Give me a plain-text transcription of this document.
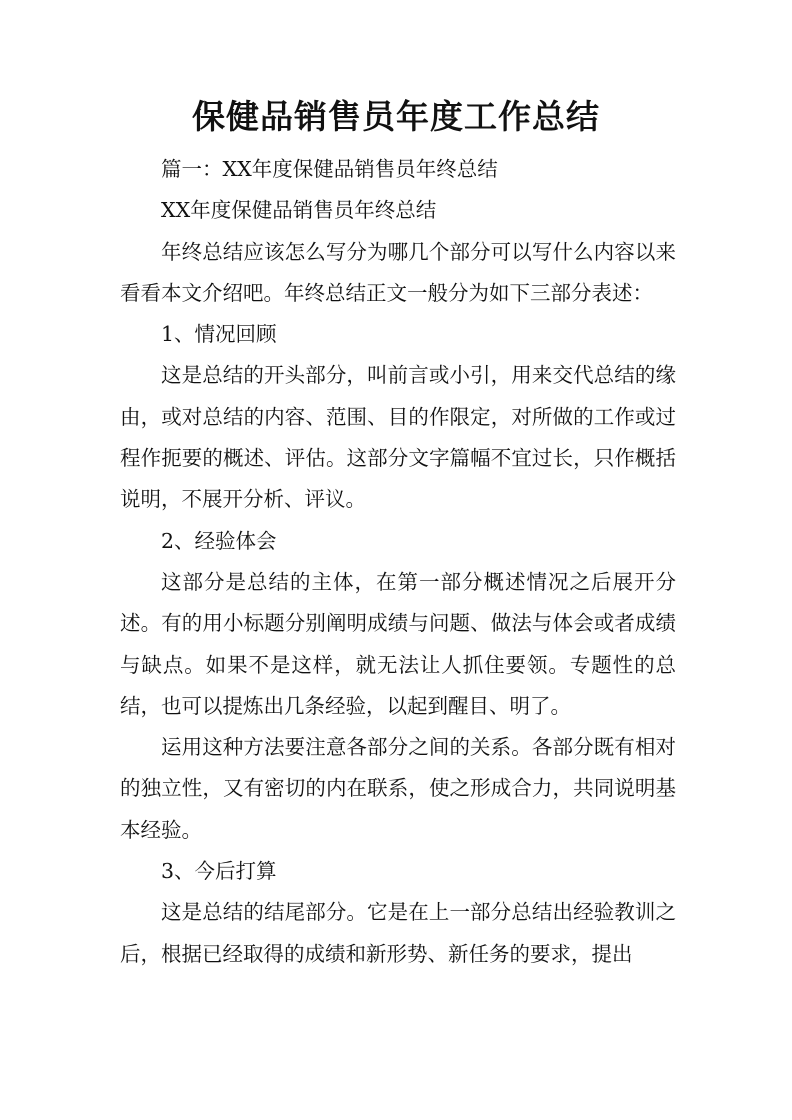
保健品销售员年度工作总结

篇一：XX年度保健品销售员年终总结

XX年度保健品销售员年终总结

年终总结应该怎么写分为哪几个部分可以写什么内容以来看看本文介绍吧。年终总结正文一般分为如下三部分表述：

1、情况回顾

这是总结的开头部分，叫前言或小引，用来交代总结的缘由，或对总结的内容、范围、目的作限定，对所做的工作或过程作扼要的概述、评估。这部分文字篇幅不宜过长，只作概括说明，不展开分析、评议。

2、经验体会

这部分是总结的主体，在第一部分概述情况之后展开分述。有的用小标题分别阐明成绩与问题、做法与体会或者成绩与缺点。如果不是这样，就无法让人抓住要领。专题性的总结，也可以提炼出几条经验，以起到醒目、明了。

运用这种方法要注意各部分之间的关系。各部分既有相对的独立性，又有密切的内在联系，使之形成合力，共同说明基本经验。

3、今后打算

这是总结的结尾部分。它是在上一部分总结出经验教训之后，根据已经取得的成绩和新形势、新任务的要求，提出
